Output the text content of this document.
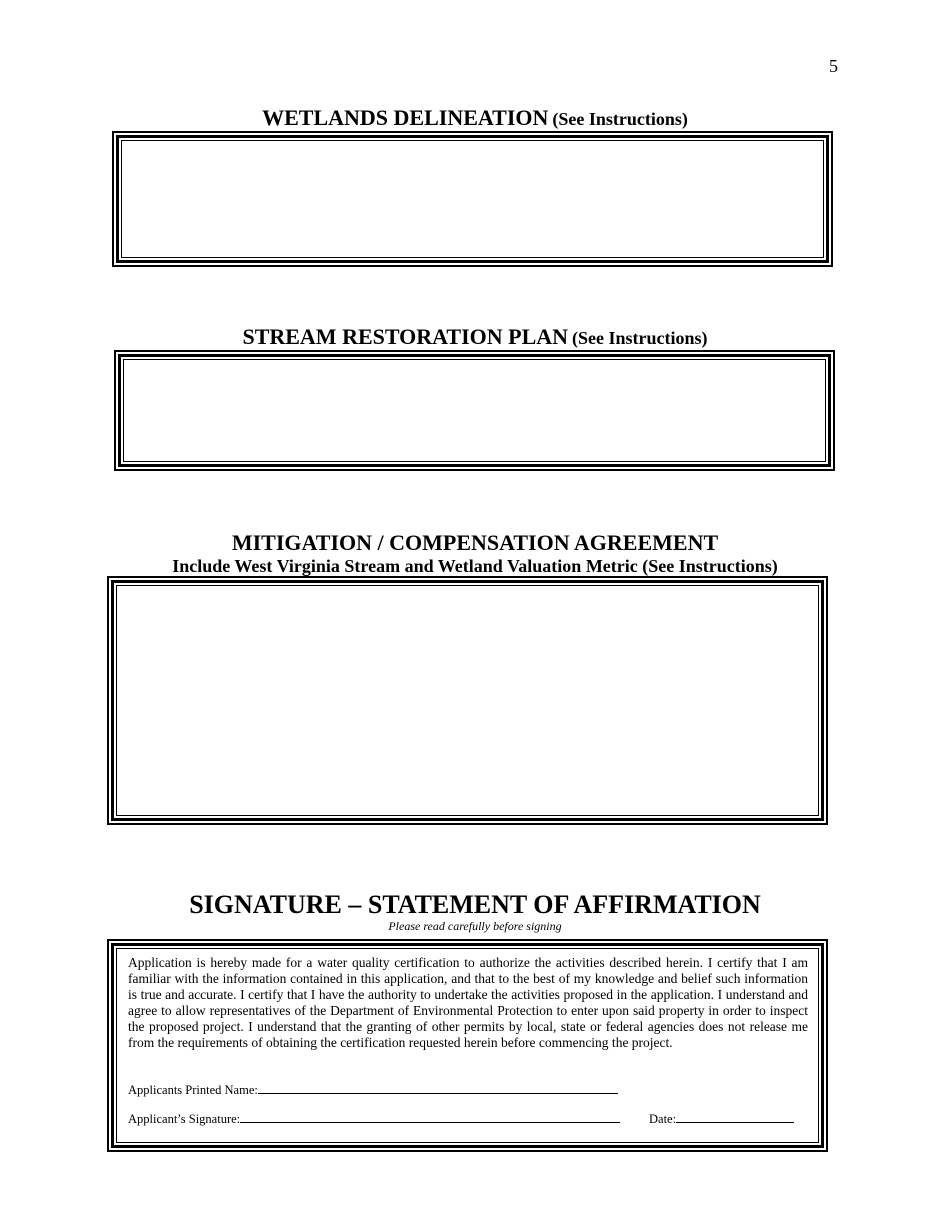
5
WETLANDS DELINEATION (See Instructions)
STREAM RESTORATION PLAN (See Instructions)
MITIGATION / COMPENSATION AGREEMENT
Include West Virginia Stream and Wetland Valuation Metric (See Instructions)
SIGNATURE – STATEMENT OF AFFIRMATION
Please read carefully before signing
Application is hereby made for a water quality certification to authorize the activities described herein. I certify that I am familiar with the information contained in this application, and that to the best of my knowledge and belief such information is true and accurate. I certify that I have the authority to undertake the activities proposed in the application. I understand and agree to allow representatives of the Department of Environmental Protection to enter upon said property in order to inspect the proposed project. I understand that the granting of other permits by local, state or federal agencies does not release me from the requirements of obtaining the certification requested herein before commencing the project.
Applicants Printed Name:
Applicant’s Signature:	Date:
